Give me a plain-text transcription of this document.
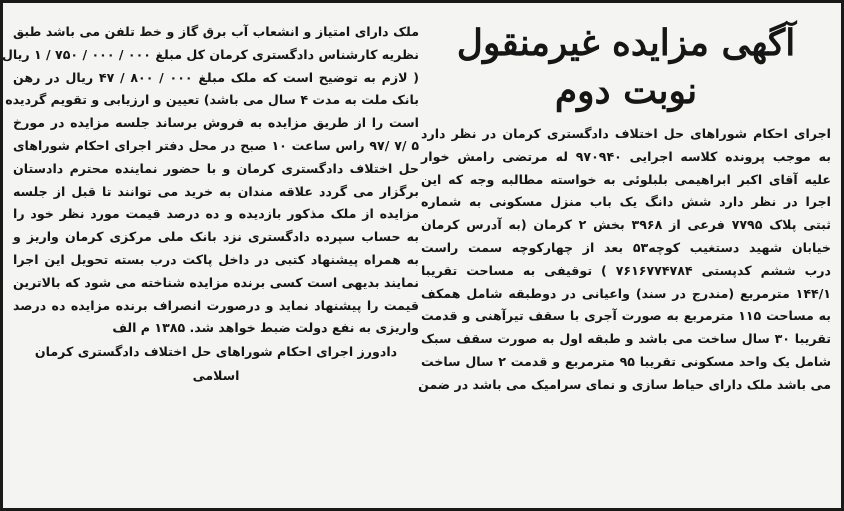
آگهی مزایده غیرمنقول
نوبت دوم
اجرای احکام شوراهای حل اختلاف دادگستری کرمان در نظر دارد
به موجب پرونده کلاسه اجرایی ۹۷۰۹۴۰ له مرتضی رامش خوار
علیه آقای اکبر ابراهیمی بلبلوئی به خواسته مطالبه وجه که این
اجرا در نظر دارد شش دانگ یک باب منزل مسکونی به شماره
ثبتی پلاک ۷۷۹۵ فرعی از ۳۹۶۸ بخش ۲ کرمان (به آدرس کرمان
خیابان شهید دستغیب کوچه۵۳ بعد از چهارکوچه سمت راست
درب ششم کدپستی ۷۶۱۶۷۷۴۷۸۴ ) توقیفی به مساحت تقریبا
۱۴۴/۱ مترمربع (مندرج در سند) واعیانی در دوطبقه شامل همکف
به مساحت ۱۱۵ مترمربع به صورت آجری با سقف تیرآهنی و قدمت
تقریبا ۳۰ سال ساخت می باشد و طبقه اول به صورت سقف سبک
شامل یک واحد مسکونی تقریبا ۹۵ مترمربع و قدمت ۲ سال ساخت
می باشد ملک دارای حیاط سازی و نمای سرامیک می باشد در ضمن
ملک دارای امتیاز و انشعاب آب برق گاز و خط تلفن می باشد طبق
نظریه کارشناس دادگستری کرمان کل مبلغ ۰۰۰ / ۰۰۰ / ۷۵۰ / ۱ ریال
( لازم به توضیح است که ملک مبلغ ۰۰۰ / ۸۰۰ / ۴۷ ریال در رهن
بانک ملت به مدت ۴ سال می باشد) تعیین و ارزیابی و تقویم گردیده
است را از طریق مزایده به فروش برساند جلسه مزایده در مورخ
۵ /۷ /۹۷ راس ساعت ۱۰ صبح در محل دفتر اجرای احکام شوراهای
حل اختلاف دادگستری کرمان و با حضور نماینده محترم دادستان
برگزار می گردد علاقه مندان به خرید می توانند تا قبل از جلسه
مزایده از ملک مذکور بازدیده و ده درصد قیمت مورد نظر خود را
به حساب سپرده دادگستری نزد بانک ملی مرکزی کرمان واریز و
به همراه پیشنهاد کتبی در داخل پاکت درب بسته تحویل این اجرا
نمایند بدیهی است کسی برنده مزایده شناخته می شود که بالاترین
قیمت را پیشنهاد نماید و درصورت انصراف برنده مزایده ده درصد
واریزی به نفع دولت ضبط خواهد شد. ۱۳۸۵ م الف
دادورز اجرای احکام شوراهای حل اختلاف دادگستری کرمان
اسلامی
